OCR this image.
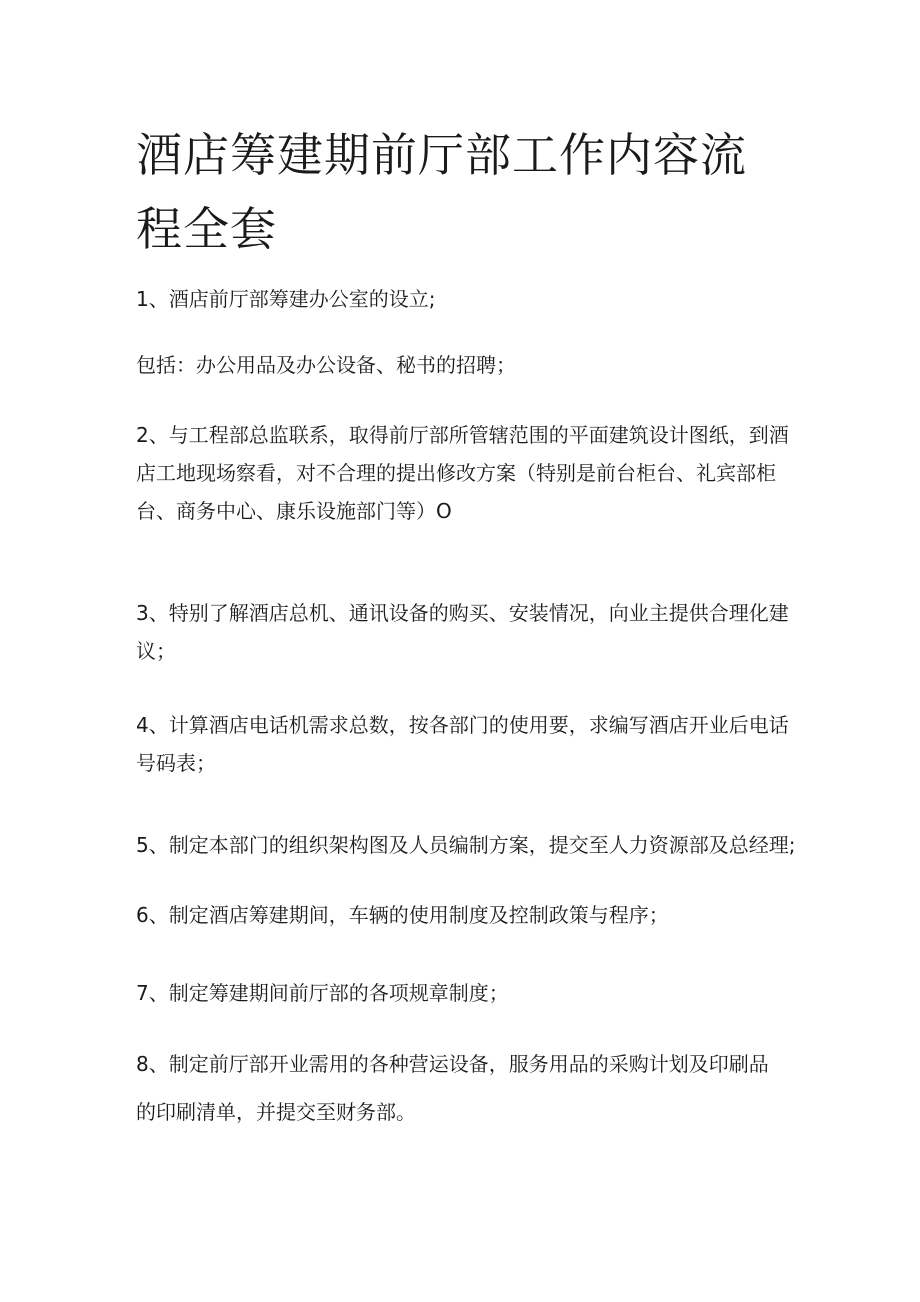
酒店筹建期前厅部工作内容流程全套

1、酒店前厅部筹建办公室的设立;

包括：办公用品及办公设备、秘书的招聘；

2、与工程部总监联系，取得前厅部所管辖范围的平面建筑设计图纸，到酒店工地现场察看，对不合理的提出修改方案（特别是前台柜台、礼宾部柜台、商务中心、康乐设施部门等）O

3、特别了解酒店总机、通讯设备的购买、安装情况，向业主提供合理化建议；

4、计算酒店电话机需求总数，按各部门的使用要，求编写酒店开业后电话号码表；

5、制定本部门的组织架构图及人员编制方案，提交至人力资源部及总经理;

6、制定酒店筹建期间，车辆的使用制度及控制政策与程序；

7、制定筹建期间前厅部的各项规章制度；

8、制定前厅部开业需用的各种营运设备，服务用品的采购计划及印刷品的印刷清单，并提交至财务部。
